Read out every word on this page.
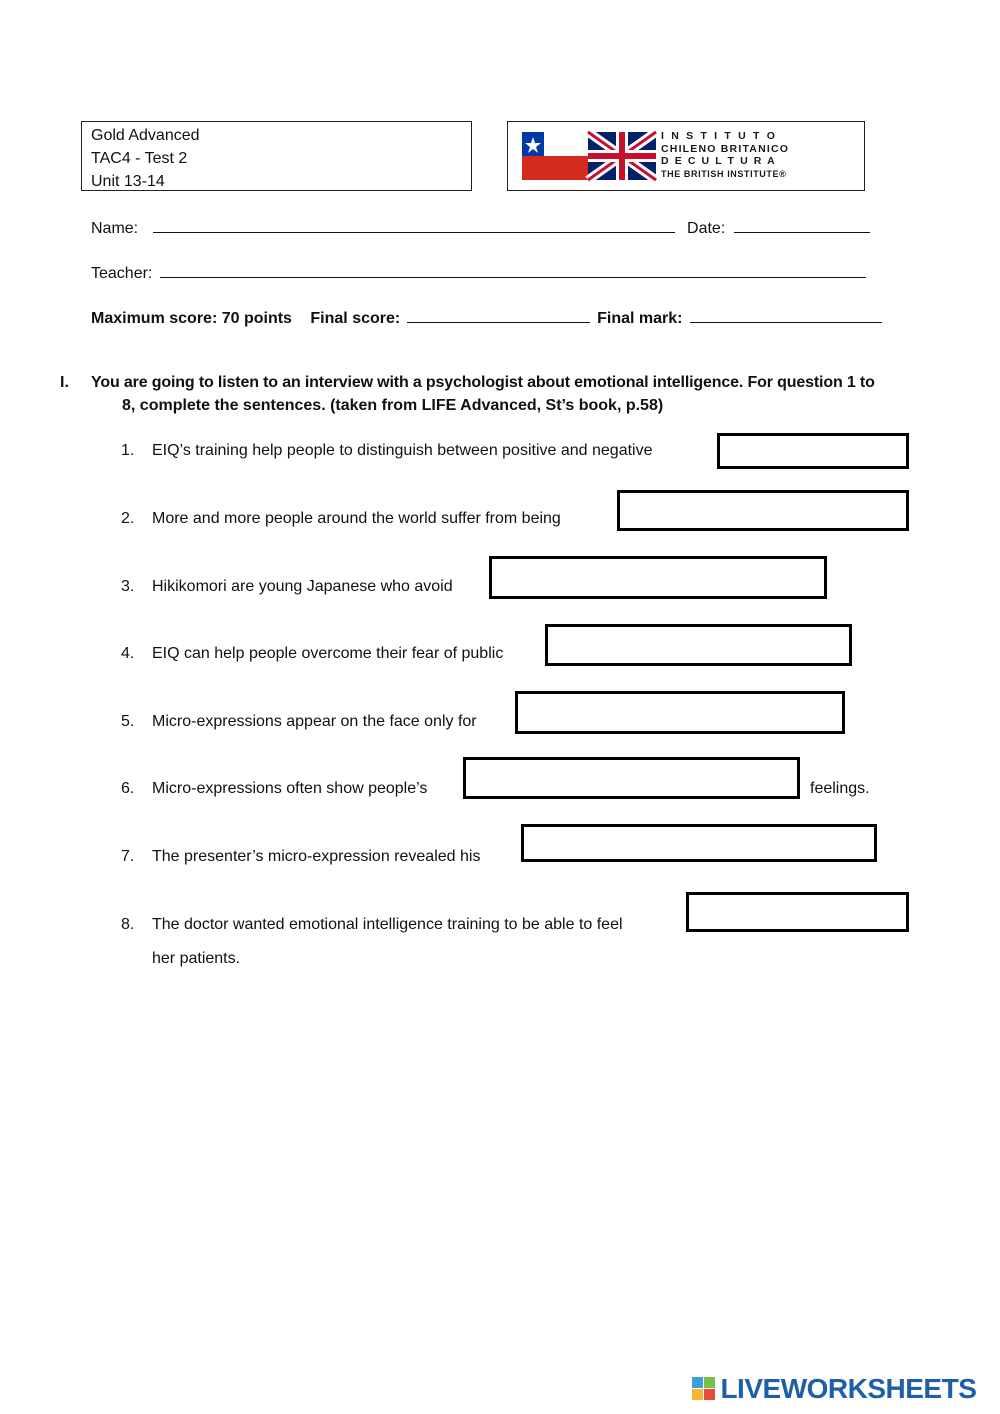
Gold Advanced
TAC4 - Test 2
Unit 13-14
I N S T I T U T O
CHILENO BRITANICO
D E C U L T U R A
THE BRITISH INSTITUTE®
Name:	Date:
Teacher:
Maximum score: 70 points Final score:	Final mark:
I. You are going to listen to an interview with a psychologist about emotional intelligence. For question 1 to
8, complete the sentences. (taken from LIFE Advanced, St’s book, p.58)
1. EIQ’s training help people to distinguish between positive and negative
2. More and more people around the world suffer from being
3. Hikikomori are young Japanese who avoid
4. EIQ can help people overcome their fear of public
5. Micro-expressions appear on the face only for
6. Micro-expressions often show people’s	feelings.
7. The presenter’s micro-expression revealed his
8. The doctor wanted emotional intelligence training to be able to feel
her patients.
LIVEWORKSHEETS
